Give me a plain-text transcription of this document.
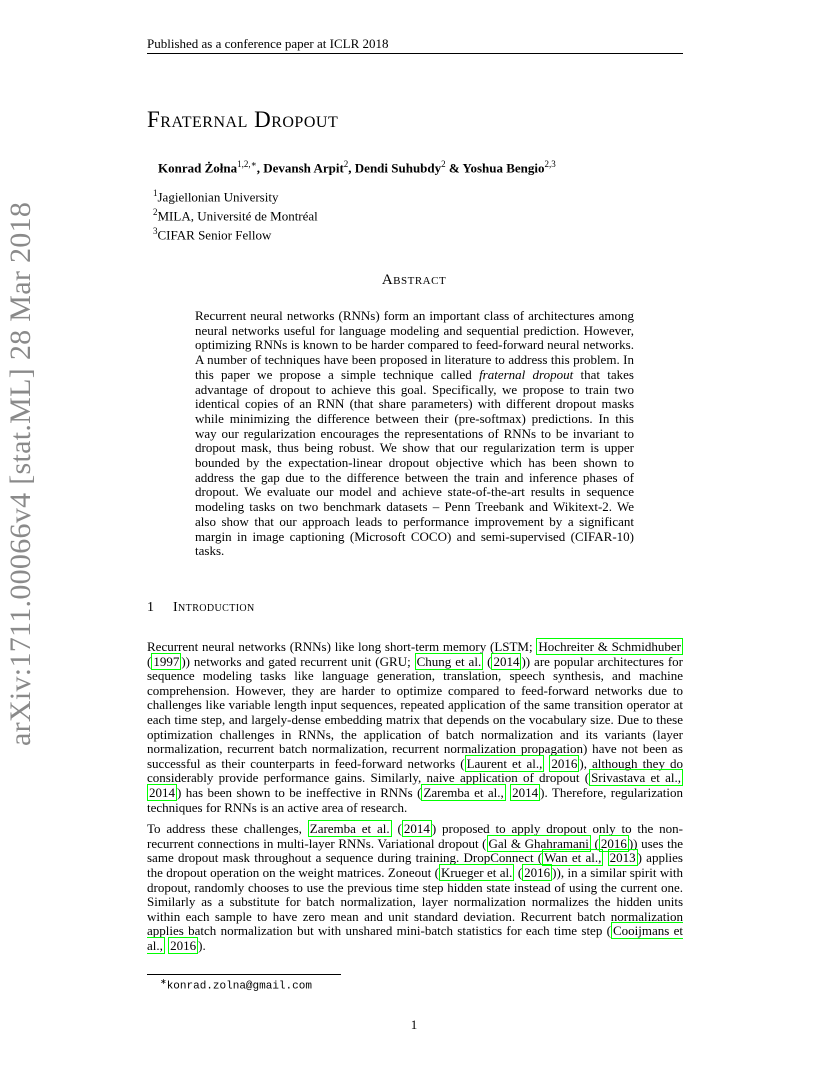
Published as a conference paper at ICLR 2018
arXiv:1711.00066v4 [stat.ML] 28 Mar 2018
Fraternal Dropout
Konrad Żołna$^{1,2,∗}$, Devansh Arpit$^2$, Dendi Suhubdy$^2$ & Yoshua Bengio$^{2,3}$
$^1$Jagiellonian University
$^2$MILA, Université de Montréal
$^3$CIFAR Senior Fellow
Abstract
Recurrent neural networks (RNNs) form an important class of architectures among neural networks useful for language modeling and sequential prediction. However, optimizing RNNs is known to be harder compared to feed-forward neural networks. A number of techniques have been proposed in literature to address this problem. In this paper we propose a simple technique called fraternal dropout that takes advantage of dropout to achieve this goal. Specifically, we propose to train two identical copies of an RNN (that share parameters) with different dropout masks while minimizing the difference between their (pre-softmax) predictions. In this way our regularization encourages the representations of RNNs to be invariant to dropout mask, thus being robust. We show that our regularization term is upper bounded by the expectation-linear dropout objective which has been shown to address the gap due to the difference between the train and inference phases of dropout. We evaluate our model and achieve state-of-the-art results in sequence modeling tasks on two benchmark datasets – Penn Treebank and Wikitext-2. We also show that our approach leads to performance improvement by a significant margin in image captioning (Microsoft COCO) and semi-supervised (CIFAR-10) tasks.
1 Introduction

Recurrent neural networks (RNNs) like long short-term memory (LSTM; Hochreiter & Schmidhuber ( 1997 )) networks and gated recurrent unit (GRU; Chung et al. ( 2014 )) are popular architectures for sequence modeling tasks like language generation, translation, speech synthesis, and machine comprehension. However, they are harder to optimize compared to feed-forward networks due to challenges like variable length input sequences, repeated application of the same transition operator at each time step, and largely-dense embedding matrix that depends on the vocabulary size. Due to these optimization challenges in RNNs, the application of batch normalization and its variants (layer normalization, recurrent batch normalization, recurrent normalization propagation) have not been as successful as their counterparts in feed-forward networks ( Laurent et al., 2016 ), although they do considerably provide performance gains. Similarly, naive application of dropout ( Srivastava et al., 2014 ) has been shown to be ineffective in RNNs ( Zaremba et al., 2014 ). Therefore, regularization techniques for RNNs is an active area of research.

To address these challenges, Zaremba et al. ( 2014 ) proposed to apply dropout only to the non-recurrent connections in multi-layer RNNs. Variational dropout ( Gal & Ghahramani ( 2016 )) uses the same dropout mask throughout a sequence during training. DropConnect ( Wan et al., 2013 ) applies the dropout operation on the weight matrices. Zoneout ( Krueger et al. ( 2016 )), in a similar spirit with dropout, randomly chooses to use the previous time step hidden state instead of using the current one. Similarly as a substitute for batch normalization, layer normalization normalizes the hidden units within each sample to have zero mean and unit standard deviation. Recurrent batch normalization applies batch normalization but with unshared mini-batch statistics for each time step ( Cooijmans et al., 2016 ).

∗konrad.zolna@gmail.com
1
